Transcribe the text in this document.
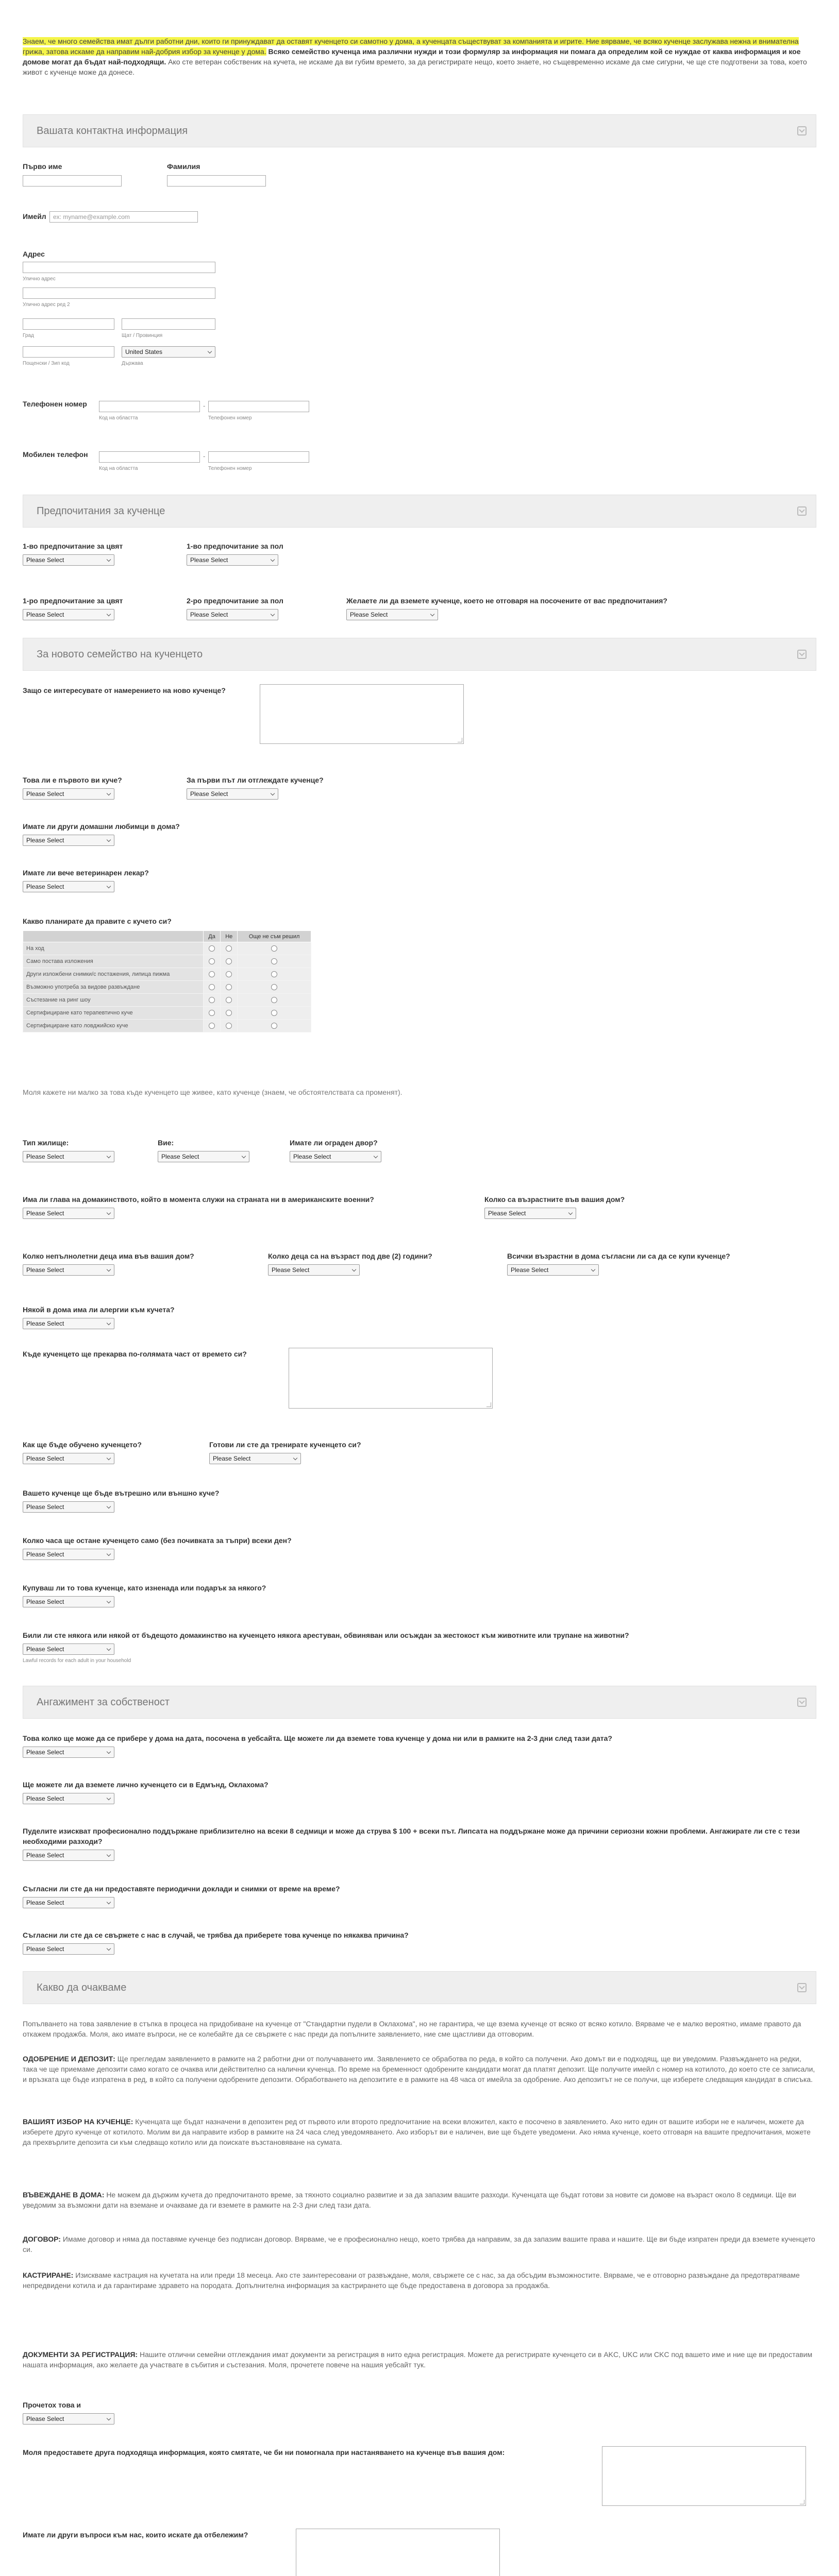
Знаем, че много семейства имат дълги работни дни, които ги принуждават да оставят кученцето си самотно у дома, а кученцата съществуват за компанията и игрите. Ние вярваме, че всяко кученце заслужава нежна и внимателна грижа, затова искаме да направим най-добрия избор за кученце у дома. Всяко семейство кученца има различни нужди и този формуляр за информация ни помага да определим кой се нуждае от каква информация и кое домове могат да бъдат най-подходящи. Ако сте ветеран собственик на кучета, не искаме да ви губим времето, за да регистрирате нещо, което знаете, но същевременно искаме да сме сигурни, че ще сте подготвени за това, което живот с кученце може да донесе.
Вашата контактна информация
Първо име	Фамилия
Имейл	ex: myname@example.com
Адрес
Улично адрес
Улично адрес ред 2
Град	Щат / Провинция
United States
Пощенски / Зип код	Държава
Телефонен номер	-
Код на областта	Телефонен номер
Мобилен телефон	-
Код на областта	Телефонен номер
Предпочитания за кученце
1-во предпочитание за цвят	1-во предпочитание за пол
Please Select	Please Select
1-ро предпочитание за цвят	2-ро предпочитание за пол	Желаете ли да вземете кученце, което не отговаря на посочените от вас предпочитания?
Please Select	Please Select	Please Select
За новото семейство на кученцето
Защо се интересувате от намерението на ново кученце?
Това ли е първото ви куче?	За първи път ли отглеждате кученце?
Please Select	Please Select
Имате ли други домашни любимци в дома?
Please Select
Имате ли вече ветеринарен лекар?
Please Select
Какво планирате да правите с кучето си?
	Да	Не	Още не съм решил
На ход			
Само постава изложения			
Други изложбени снимки/с постажения, липица пижма			
Възможно употреба за видове развъждане			
Състезание на ринг шоу			
Сертифициране като терапевтично куче			
Сертифициране като ловджийско куче			
Моля кажете ни малко за това къде кученцето ще живее, като кученце (знаем, че обстоятелствата са променят).
Тип жилище:	Вие:	Имате ли ограден двор?
Please Select	Please Select	Please Select
Има ли глава на домакинството, който в момента служи на страната ни в американските военни?	Колко са възрастните във вашия дом?
Please Select	Please Select
Колко непълнолетни деца има във вашия дом?	Колко деца са на възраст под две (2) години?	Всички възрастни в дома съгласни ли са да се купи кученце?
Please Select	Please Select	Please Select
Някой в дома има ли алергии към кучета?
Please Select
Къде кученцето ще прекарва по-голямата част от времето си?
Как ще бъде обучено кученцето?	Готови ли сте да тренирате кученцето си?
Please Select	Please Select
Вашето кученце ще бъде вътрешно или външно куче?
Please Select
Колко часа ще остане кученцето само (без почивката за тъпри) всеки ден?
Please Select
Купуваш ли то това кученце, като изненада или подарък за някого?
Please Select
Били ли сте някога или някой от бъдещото домакинство на кученцето някога арестуван, обвиняван или осъждан за жестокост към животните или трупане на животни?
Please Select
Lawful records for each adult in your household
Ангажимент за собственост
Това колко ще може да се прибере у дома на дата, посочена в уебсайта. Ще можете ли да вземете това кученце у дома ни или в рамките на 2-3 дни след тази дата?
Please Select
Ще можете ли да вземете лично кученцето си в Едмънд, Оклахома?
Please Select
Пуделите изискват професионално поддържане приблизително на всеки 8 седмици и може да струва $ 100 + всеки път. Липсата на поддържане може да причини сериозни кожни проблеми. Ангажирате ли сте с тези необходими разходи?
Please Select
Съгласни ли сте да ни предоставяте периодични доклади и снимки от време на време?
Please Select
Съгласни ли сте да се свържете с нас в случай, че трябва да приберете това кученце по някаква причина?
Please Select
Какво да очакваме
Попълването на това заявление в стъпка в процеса на придобиване на кученце от "Стандартни пудели в Оклахома", но не гарантира, че ще взема кученце от всяко от всяко котило. Вярваме че е малко вероятно, имаме правото да откажем продажба. Моля, ако имате въпроси, не се колебайте да се свържете с нас преди да попълните заявлението, ние сме щастливи да отговорим.
ОДОБРЕНИЕ И ДЕПОЗИТ: Ще прегледам заявлението в рамките на 2 работни дни от получаването им. Заявлението се обработва по реда, в който са получени. Ако домът ви е подходящ, ще ви уведомим. Развъждането на редки, така че ще приемаме депозити само когато се очаква или действително са налични кученца. По време на бременност одобрените кандидати могат да платят депозит. Ще получите имейл с номер на котилото, до което сте се записали, и връзката ще бъде изпратена в ред, в който са получени одобрените депозити. Обработването на депозитите е в рамките на 48 часа от имейла за одобрение. Ако депозитът не се получи, ще изберете следващия кандидат в списъка.
ВАШИЯТ ИЗБОР НА КУЧЕНЦЕ: Кученцата ще бъдат назначени в депозитен ред от първото или второто предпочитание на всеки вложител, както е посочено в заявлението. Ако нито един от вашите избори не е наличен, можете да изберете друго кученце от котилото. Молим ви да направите избор в рамките на 24 часа след уведомяването. Ако изборът ви е наличен, вие ще бъдете уведомени. Ако няма кученце, което отговаря на вашите предпочитания, можете да прехвърлите депозита си към следващо котило или да поискате възстановяване на сумата.
ВЪВЕЖДАНЕ В ДОМА: Не можем да държим кучета до предпочитаното време, за тяхното социално развитие и за да запазим вашите разходи. Кученцата ще бъдат готови за новите си домове на възраст около 8 седмици. Ще ви уведомим за възможни дати на вземане и очакваме да ги вземете в рамките на 2-3 дни след тази дата.
ДОГОВОР: Имаме договор и няма да поставяме кученце без подписан договор. Вярваме, че е професионално нещо, което трябва да направим, за да запазим вашите права и нашите. Ще ви бъде изпратен преди да вземете кученцето си.
КАСТРИРАНЕ: Изискваме кастрация на кучетата на или преди 18 месеца. Ако сте заинтересовани от развъждане, моля, свържете се с нас, за да обсъдим възможностите. Вярваме, че е отговорно развъждане да предотвратяваме непредвидени котила и да гарантираме здравето на породата. Допълнителна информация за кастрирането ще бъде предоставена в договора за продажба.
ДОКУМЕНТИ ЗА РЕГИСТРАЦИЯ: Нашите отлични семейни отглеждания имат документи за регистрация в нито една регистрация. Можете да регистрирате кученцето си в AKC, UKC или CKC под вашето име и ние ще ви предоставим нашата информация, ако желаете да участвате в събития и състезания. Моля, прочетете повече на нашия уебсайт тук.
Прочетох това и
Please Select
Моля предоставете друга подходяща информация, която смятате, че би ни помогнала при настаняването на кученце във вашия дом:
Имате ли други въпроси към нас, които искате да отбележим?
